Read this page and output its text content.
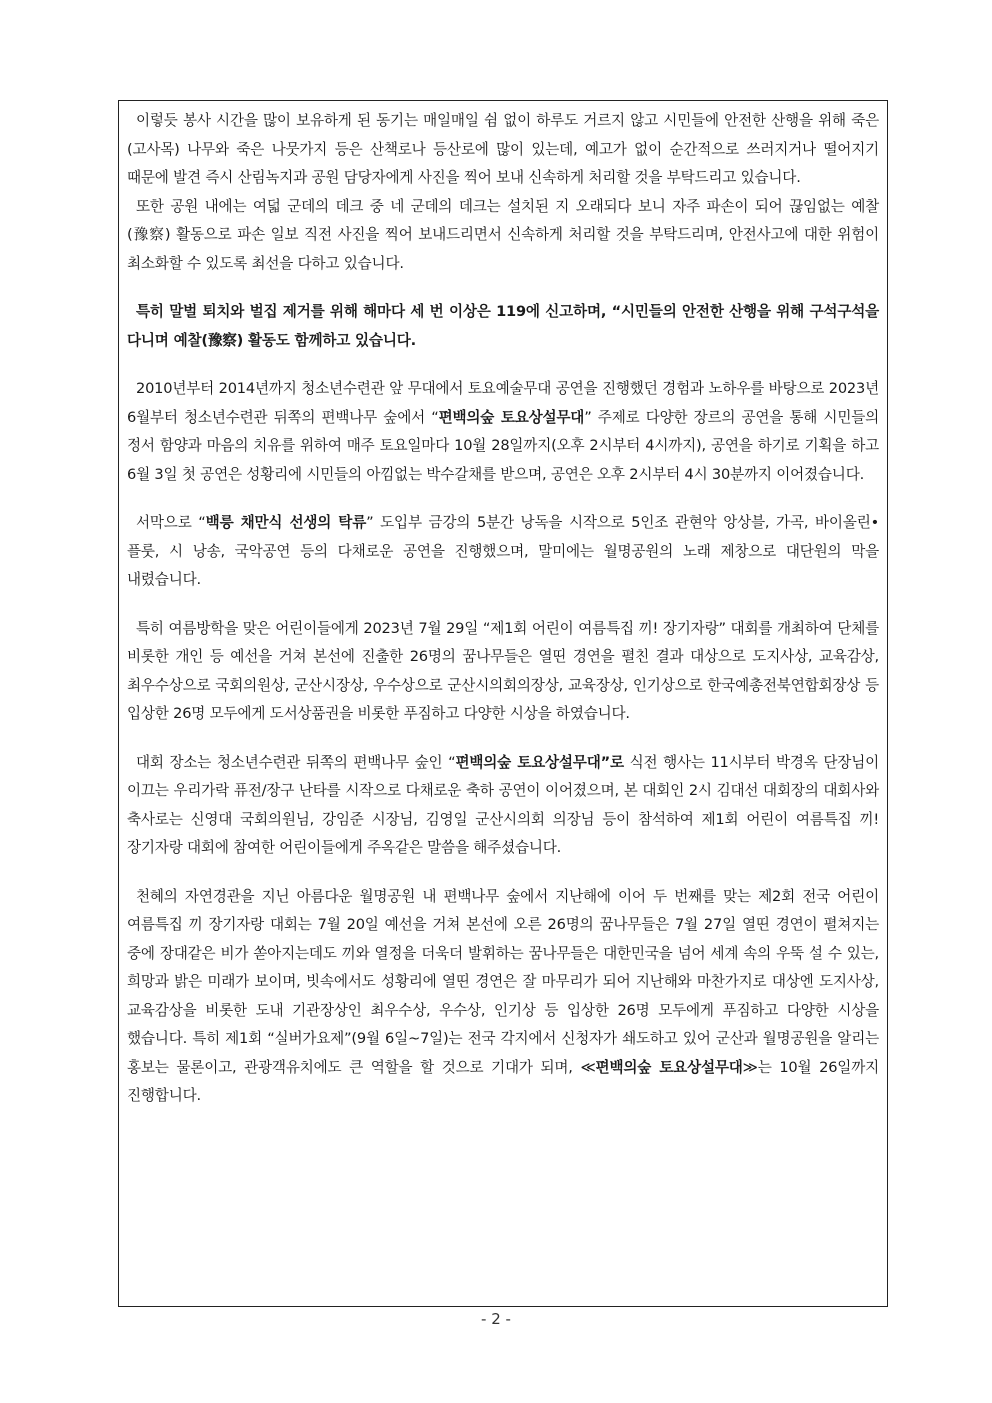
이렇듯 봉사 시간을 많이 보유하게 된 동기는 매일매일 쉼 없이 하루도 거르지 않고 시민들에 안전한 산행을 위해 죽은(고사목) 나무와 죽은 나뭇가지 등은 산책로나 등산로에 많이 있는데, 예고가 없이 순간적으로 쓰러지거나 떨어지기 때문에 발견 즉시 산림녹지과 공원 담당자에게 사진을 찍어 보내 신속하게 처리할 것을 부탁드리고 있습니다.

또한 공원 내에는 여덟 군데의 데크 중 네 군데의 데크는 설치된 지 오래되다 보니 자주 파손이 되어 끊임없는 예찰(豫察) 활동으로 파손 일보 직전 사진을 찍어 보내드리면서 신속하게 처리할 것을 부탁드리며, 안전사고에 대한 위험이 최소화할 수 있도록 최선을 다하고 있습니다.

특히 말벌 퇴치와 벌집 제거를 위해 해마다 세 번 이상은 119에 신고하며, “시민들의 안전한 산행을 위해 구석구석을 다니며 예찰(豫察) 활동도 함께하고 있습니다.

2010년부터 2014년까지 청소년수련관 앞 무대에서 토요예술무대 공연을 진행했던 경험과 노하우를 바탕으로 2023년 6월부터 청소년수련관 뒤쪽의 편백나무 숲에서 “편백의숲 토요상설무대” 주제로 다양한 장르의 공연을 통해 시민들의 정서 함양과 마음의 치유를 위하여 매주 토요일마다 10월 28일까지(오후 2시부터 4시까지), 공연을 하기로 기획을 하고 6월 3일 첫 공연은 성황리에 시민들의 아낌없는 박수갈채를 받으며, 공연은 오후 2시부터 4시 30분까지 이어졌습니다.

서막으로 “백릉 채만식 선생의 탁류” 도입부 금강의 5분간 낭독을 시작으로 5인조 관현악 앙상블, 가곡, 바이올린•플룻, 시 낭송, 국악공연 등의 다채로운 공연을 진행했으며, 말미에는 월명공원의 노래 제창으로 대단원의 막을 내렸습니다.

특히 여름방학을 맞은 어린이들에게 2023년 7월 29일 “제1회 어린이 여름특집 끼! 장기자랑” 대회를 개최하여 단체를 비롯한 개인 등 예선을 거쳐 본선에 진출한 26명의 꿈나무들은 열띤 경연을 펼친 결과 대상으로 도지사상, 교육감상, 최우수상으로 국회의원상, 군산시장상, 우수상으로 군산시의회의장상, 교육장상, 인기상으로 한국예총전북연합회장상 등 입상한 26명 모두에게 도서상품권을 비롯한 푸짐하고 다양한 시상을 하였습니다.

대회 장소는 청소년수련관 뒤쪽의 편백나무 숲인 “편백의숲 토요상설무대”로 식전 행사는 11시부터 박경옥 단장님이 이끄는 우리가락 퓨전/장구 난타를 시작으로 다채로운 축하 공연이 이어졌으며, 본 대회인 2시 김대선 대회장의 대회사와 축사로는 신영대 국회의원님, 강임준 시장님, 김영일 군산시의회 의장님 등이 참석하여 제1회 어린이 여름특집 끼! 장기자랑 대회에 참여한 어린이들에게 주옥같은 말씀을 해주셨습니다.

천혜의 자연경관을 지닌 아름다운 월명공원 내 편백나무 숲에서 지난해에 이어 두 번째를 맞는 제2회 전국 어린이 여름특집 끼 장기자랑 대회는 7월 20일 예선을 거쳐 본선에 오른 26명의 꿈나무들은 7월 27일 열띤 경연이 펼쳐지는 중에 장대같은 비가 쏟아지는데도 끼와 열정을 더욱더 발휘하는 꿈나무들은 대한민국을 넘어 세계 속의 우뚝 설 수 있는, 희망과 밝은 미래가 보이며, 빗속에서도 성황리에 열띤 경연은 잘 마무리가 되어 지난해와 마찬가지로 대상엔 도지사상, 교육감상을 비롯한 도내 기관장상인 최우수상, 우수상, 인기상 등 입상한 26명 모두에게 푸짐하고 다양한 시상을 했습니다. 특히 제1회 “실버가요제”(9월 6일~7일)는 전국 각지에서 신청자가 쇄도하고 있어 군산과 월명공원을 알리는 홍보는 물론이고, 관광객유치에도 큰 역할을 할 것으로 기대가 되며, ≪편백의숲 토요상설무대≫는 10월 26일까지 진행합니다.

- 2 -
